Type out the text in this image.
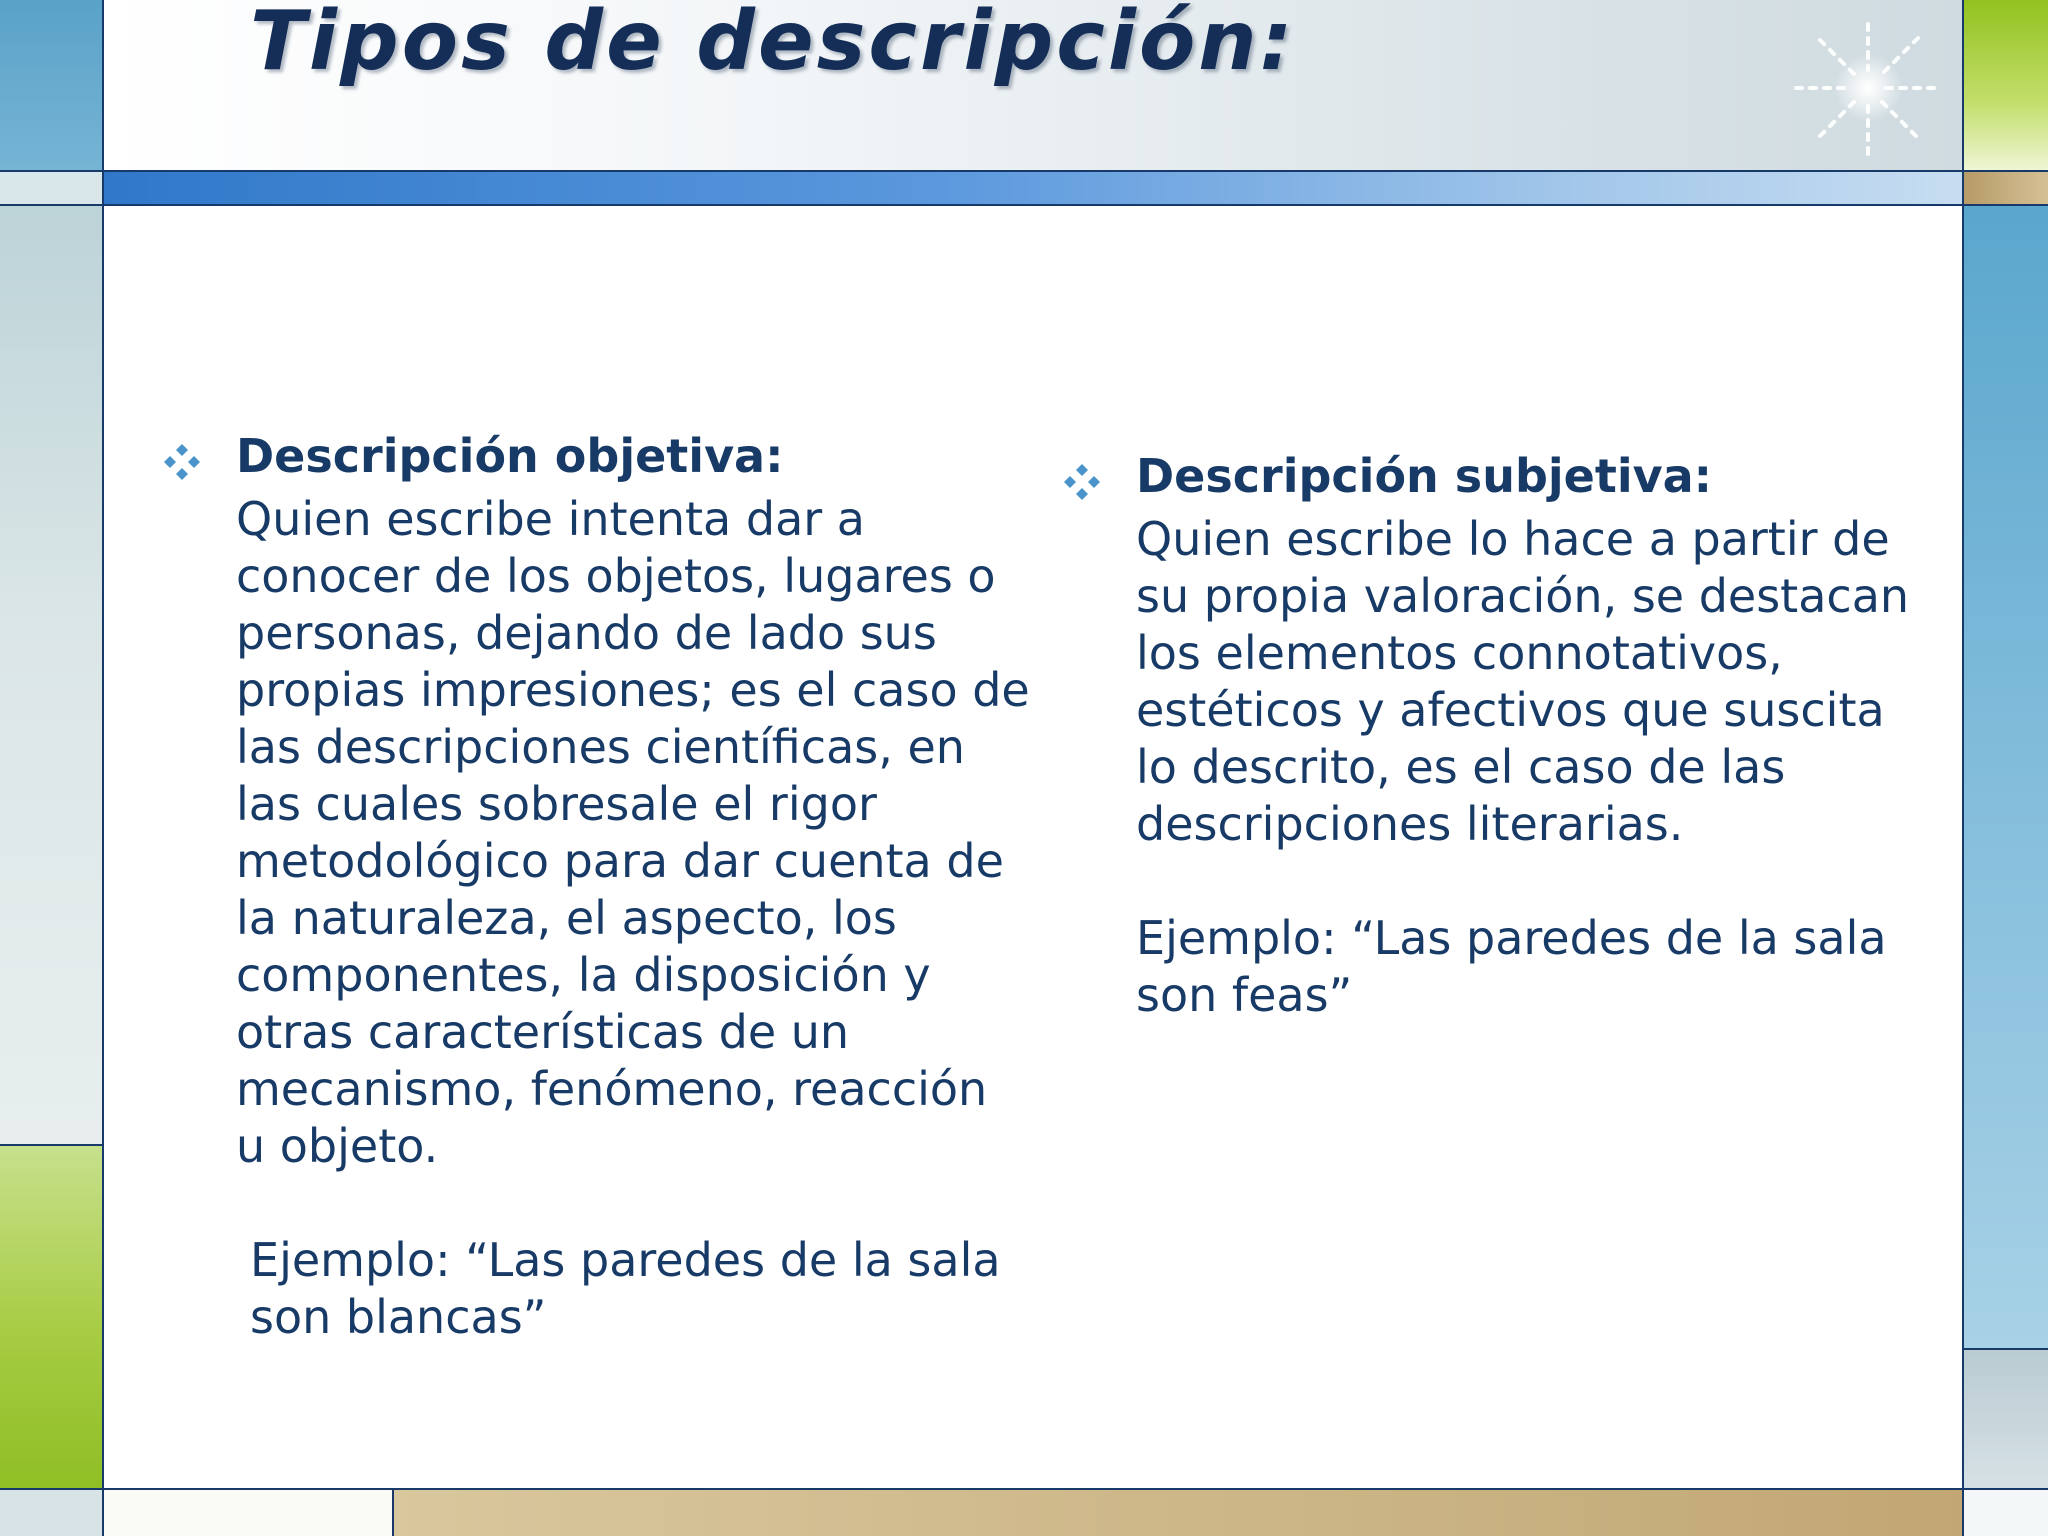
Tipos de descripción:
Descripción objetiva:

Quien escribe intenta dar a conocer de los objetos, lugares o personas, dejando de lado sus propias impresiones; es el caso de las descripciones científicas, en las cuales sobresale el rigor metodológico para dar cuenta de la naturaleza, el aspecto, los componentes, la disposición y otras características de un mecanismo, fenómeno, reacción u objeto.

Ejemplo: “Las paredes de la sala son blancas”
Descripción subjetiva:

Quien escribe lo hace a partir de su propia valoración, se destacan los elementos connotativos, estéticos y afectivos que suscita lo descrito, es el caso de las descripciones literarias.

Ejemplo: “Las paredes de la sala son feas”
